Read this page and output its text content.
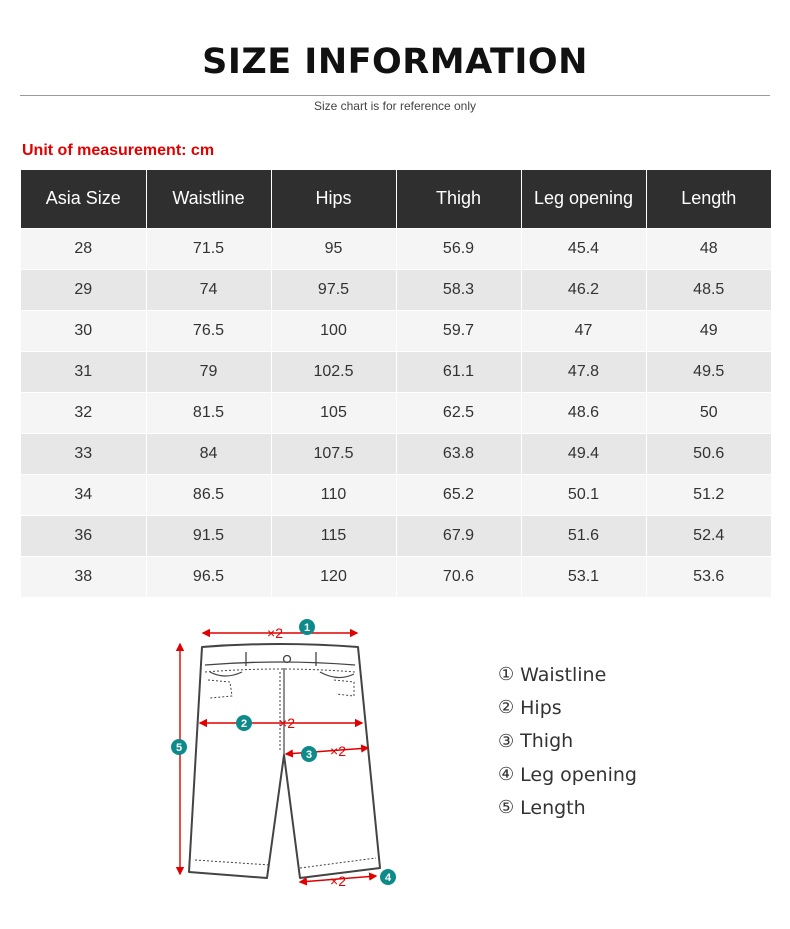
SIZE INFORMATION
Size chart is for reference only
Unit of measurement: cm
Asia Size	Waistline	Hips	Thigh	Leg opening	Length
28	71.5	95	56.9	45.4	48
29	74	97.5	58.3	46.2	48.5
30	76.5	100	59.7	47	49
31	79	102.5	61.1	47.8	49.5
32	81.5	105	62.5	48.6	50
33	84	107.5	63.8	49.4	50.6
34	86.5	110	65.2	50.1	51.2
36	91.5	115	67.9	51.6	52.4
38	96.5	120	70.6	53.1	53.6
×2 1
×2
2
×2
3
×2	4
5
① Waistline
② Hips
③ Thigh
④ Leg opening
⑤ Length
